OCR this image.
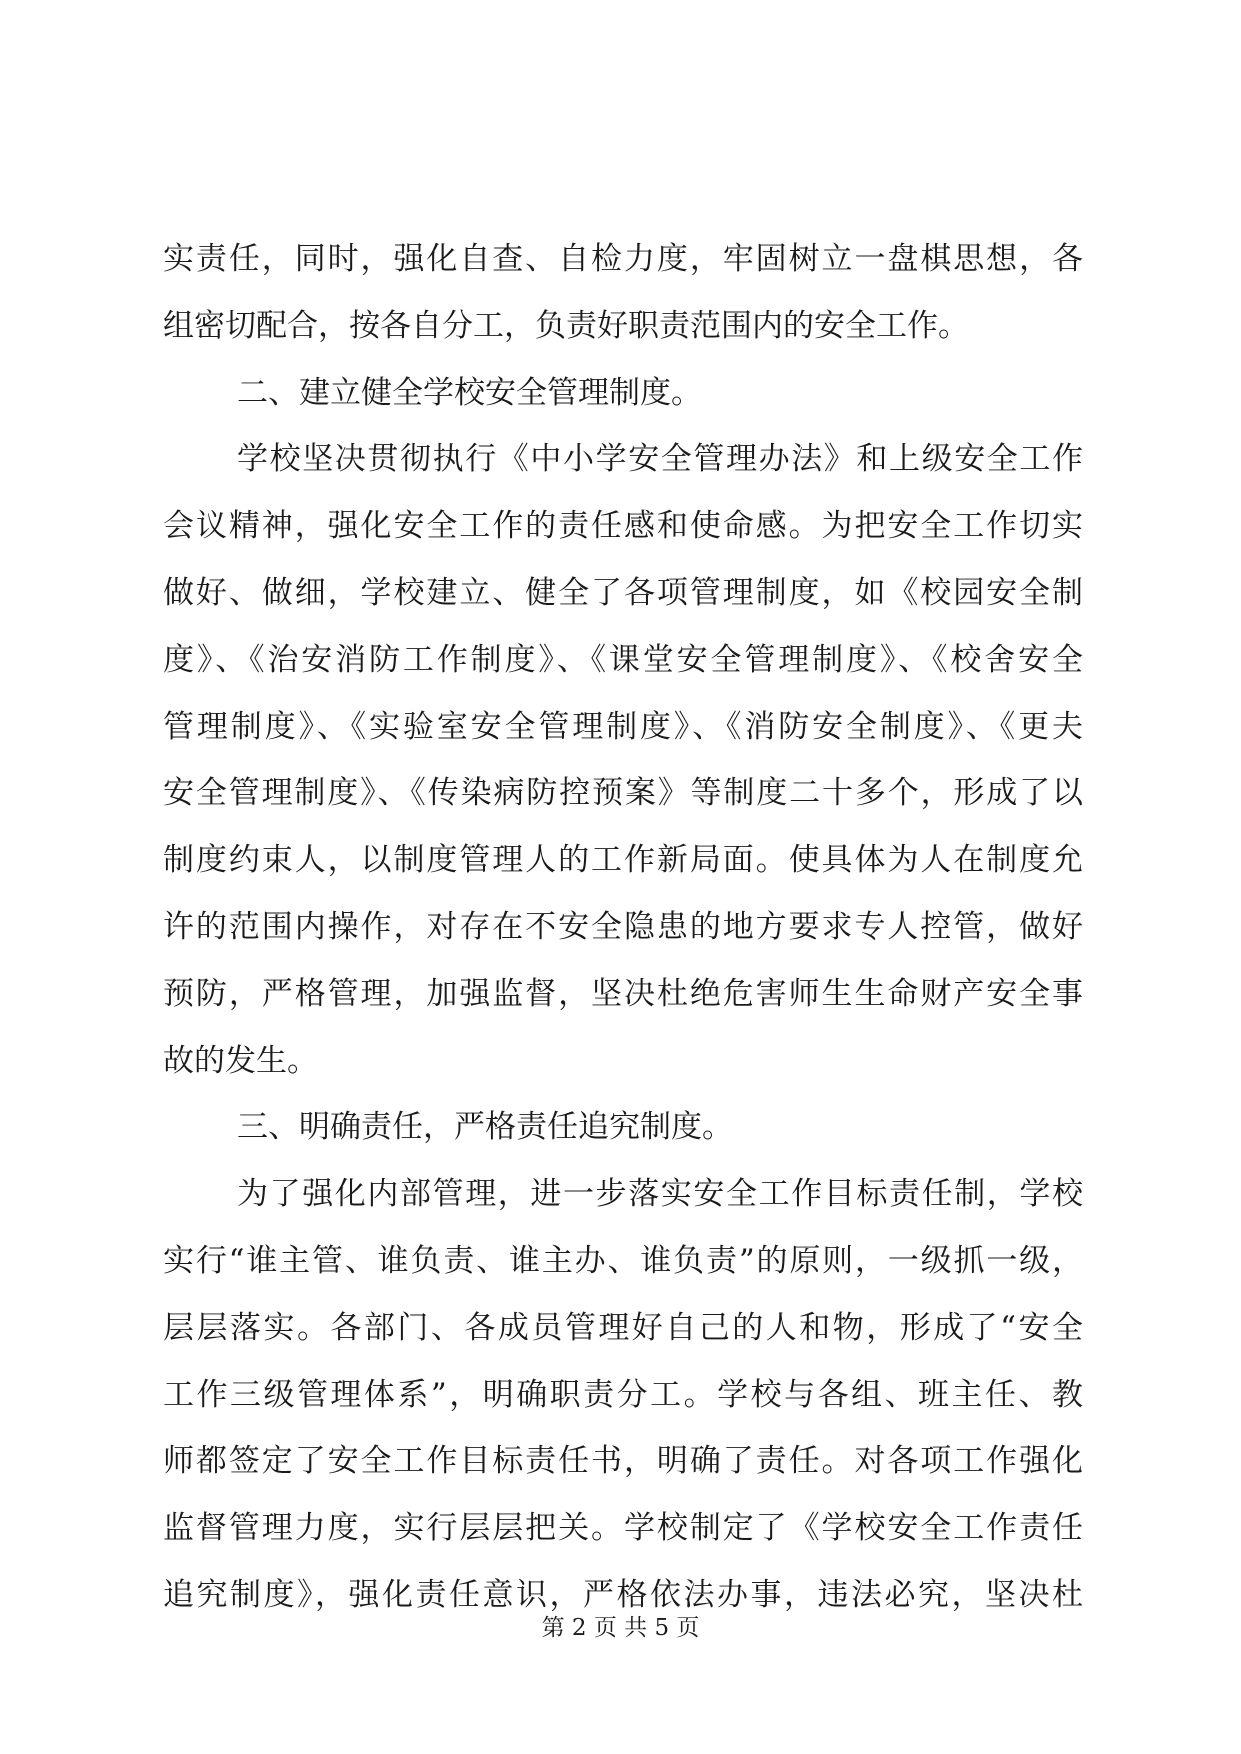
实责任，同时，强化自查、自检力度，牢固树立一盘棋思想，各
组密切配合，按各自分工，负责好职责范围内的安全工作。
二、建立健全学校安全管理制度。
学校坚决贯彻执行《中小学安全管理办法》和上级安全工作
会议精神，强化安全工作的责任感和使命感。为把安全工作切实
做好、做细，学校建立、健全了各项管理制度，如《校园安全制
度》、《治安消防工作制度》、《课堂安全管理制度》、《校舍安全
管理制度》、《实验室安全管理制度》、《消防安全制度》、《更夫
安全管理制度》、《传染病防控预案》等制度二十多个，形成了以
制度约束人，以制度管理人的工作新局面。使具体为人在制度允
许的范围内操作，对存在不安全隐患的地方要求专人控管，做好
预防，严格管理，加强监督，坚决杜绝危害师生生命财产安全事
故的发生。
三、明确责任，严格责任追究制度。
为了强化内部管理，进一步落实安全工作目标责任制，学校
实行“谁主管、谁负责、谁主办、谁负责”的原则，一级抓一级，
层层落实。各部门、各成员管理好自己的人和物，形成了“安全
工作三级管理体系”，明确职责分工。学校与各组、班主任、教
师都签定了安全工作目标责任书，明确了责任。对各项工作强化
监督管理力度，实行层层把关。学校制定了《学校安全工作责任
追究制度》，强化责任意识，严格依法办事，违法必究，坚决杜
第 2 页 共 5 页
